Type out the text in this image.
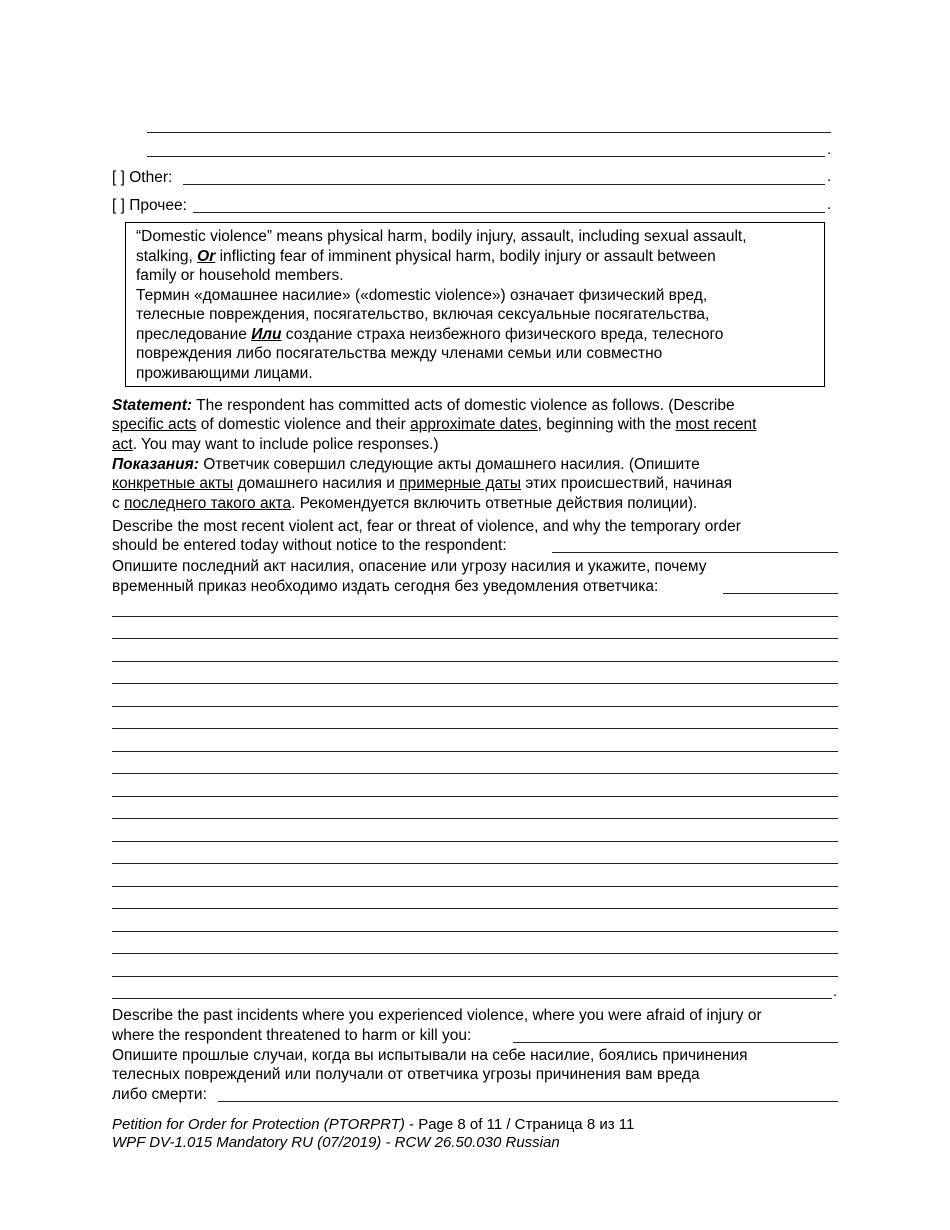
.
[ ] Other:	.
[ ] Прочее:	.
“Domestic violence” means physical harm, bodily injury, assault, including sexual assault,
stalking, Or inflicting fear of imminent physical harm, bodily injury or assault between
family or household members.
Термин «домашнее насилие» («domestic violence») означает физический вред,
телесные повреждения, посягательство, включая сексуальные посягательства,
преследование Или создание страха неизбежного физического вреда, телесного
повреждения либо посягательства между членами семьи или совместно
проживающими лицами.
Statement: The respondent has committed acts of domestic violence as follows. (Describe
specific acts of domestic violence and their approximate dates, beginning with the most recent
act. You may want to include police responses.)
Показания: Ответчик совершил следующие акты домашнего насилия. (Опишите
конкретные акты домашнего насилия и примерные даты этих происшествий, начиная
с последнего такого акта. Рекомендуется включить ответные действия полиции).
Describe the most recent violent act, fear or threat of violence, and why the temporary order
should be entered today without notice to the respondent:
Опишите последний акт насилия, опасение или угрозу насилия и укажите, почему
временный приказ необходимо издать сегодня без уведомления ответчика:
.
Describe the past incidents where you experienced violence, where you were afraid of injury or
where the respondent threatened to harm or kill you:
Опишите прошлые случаи, когда вы испытывали на себе насилие, боялись причинения
телесных повреждений или получали от ответчика угрозы причинения вам вреда
либо смерти:
Petition for Order for Protection (PTORPRT) - Page 8 of 11 / Страница 8 из 11
WPF DV-1.015 Mandatory RU (07/2019) - RCW 26.50.030 Russian
